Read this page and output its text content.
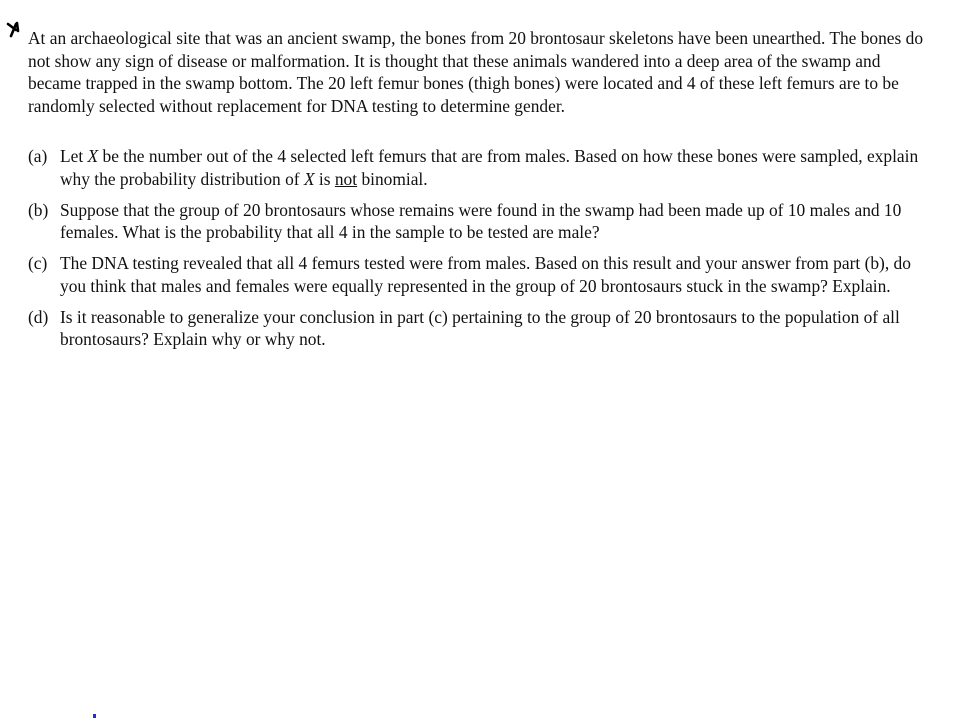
At an archaeological site that was an ancient swamp, the bones from 20 brontosaur skeletons have been unearthed. The bones do not show any sign of disease or malformation. It is thought that these animals wandered into a deep area of the swamp and became trapped in the swamp bottom. The 20 left femur bones (thigh bones) were located and 4 of these left femurs are to be randomly selected without replacement for DNA testing to determine gender.

(a) Let X be the number out of the 4 selected left femurs that are from males. Based on how these bones were sampled, explain why the probability distribution of X is not binomial.
(b) Suppose that the group of 20 brontosaurs whose remains were found in the swamp had been made up of 10 males and 10 females. What is the probability that all 4 in the sample to be tested are male?
(c) The DNA testing revealed that all 4 femurs tested were from males. Based on this result and your answer from part (b), do you think that males and females were equally represented in the group of 20 brontosaurs stuck in the swamp? Explain.
(d) Is it reasonable to generalize your conclusion in part (c) pertaining to the group of 20 brontosaurs to the population of all brontosaurs? Explain why or why not.
